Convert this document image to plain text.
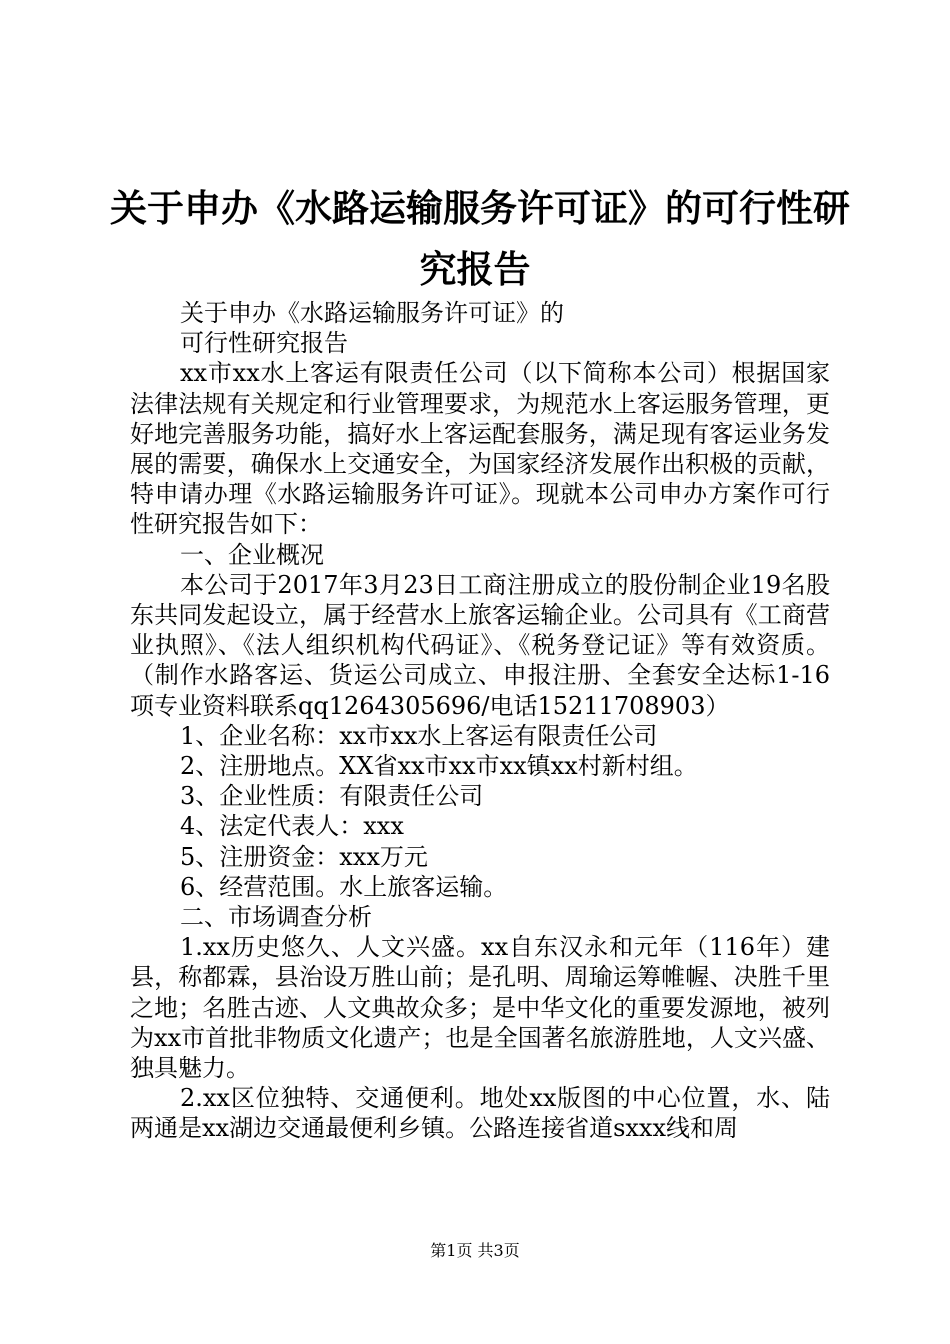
关于申办《水路运输服务许可证》的可行性研
究报告

关于申办《水路运输服务许可证》的

可行性研究报告

xx市xx水上客运有限责任公司（以下简称本公司）根据国家法律法规有关规定和行业管理要求，为规范水上客运服务管理，更好地完善服务功能，搞好水上客运配套服务，满足现有客运业务发展的需要，确保水上交通安全，为国家经济发展作出积极的贡献，特申请办理《水路运输服务许可证》。现就本公司申办方案作可行性研究报告如下：

一、企业概况

本公司于2017年3月23日工商注册成立的股份制企业19名股东共同发起设立，属于经营水上旅客运输企业。公司具有《工商营业执照》、《法人组织机构代码证》、《税务登记证》等有效资质。（制作水路客运、货运公司成立、申报注册、全套安全达标1-16项专业资料联系qq1264305696/电话15211708903）

1、企业名称：xx市xx水上客运有限责任公司

2、注册地点。XX省xx市xx市xx镇xx村新村组。

3、企业性质：有限责任公司

4、法定代表人：xxx

5、注册资金：xxx万元

6、经营范围。水上旅客运输。

二、市场调查分析

1.xx历史悠久、人文兴盛。xx自东汉永和元年（116年）建县，称都霖，县治设万胜山前；是孔明、周瑜运筹帷幄、决胜千里之地；名胜古迹、人文典故众多；是中华文化的重要发源地，被列为xx市首批非物质文化遗产；也是全国著名旅游胜地，人文兴盛、独具魅力。

2.xx区位独特、交通便利。地处xx版图的中心位置，水、陆两通是xx湖边交通最便利乡镇。公路连接省道sxxx线和周

第1页 共3页
